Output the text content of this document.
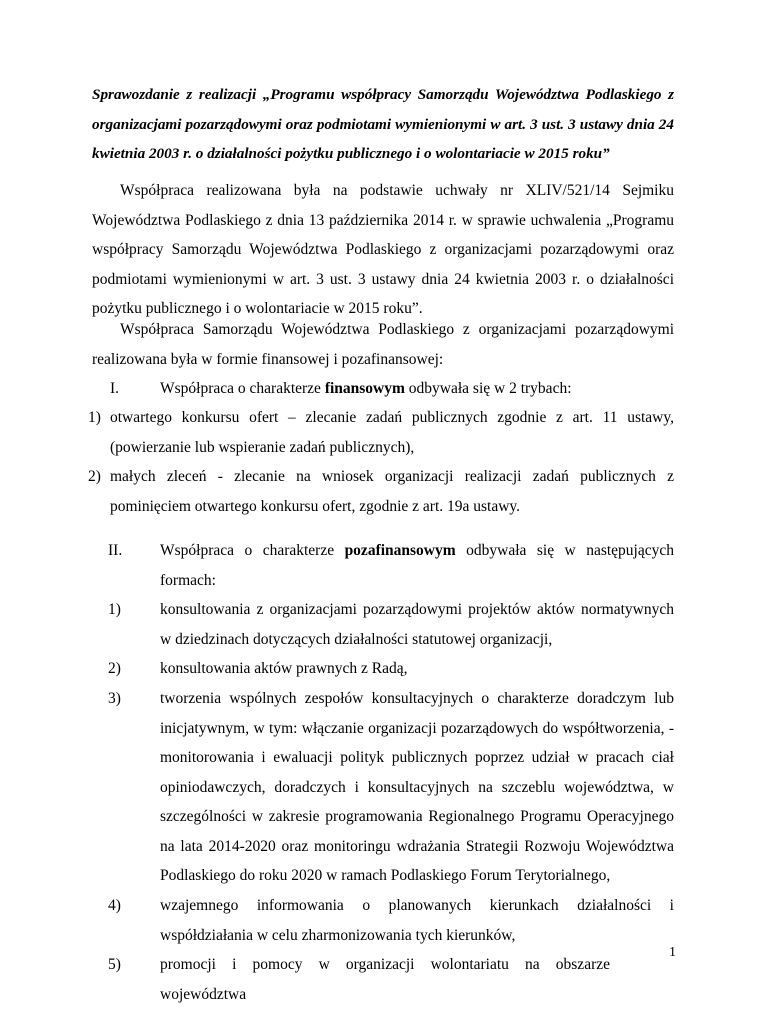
Sprawozdanie z realizacji „Programu współpracy Samorządu Województwa Podlaskiego z organizacjami pozarządowymi oraz podmiotami wymienionymi w art. 3 ust. 3 ustawy dnia 24 kwietnia 2003 r. o działalności pożytku publicznego i o wolontariacie w 2015 roku”

Współpraca realizowana była na podstawie uchwały nr XLIV/521/14 Sejmiku Województwa Podlaskiego z dnia 13 października 2014 r. w sprawie uchwalenia „Programu współpracy Samorządu Województwa Podlaskiego z organizacjami pozarządowymi oraz podmiotami wymienionymi w art. 3 ust. 3 ustawy dnia 24 kwietnia 2003 r. o działalności pożytku publicznego i o wolontariacie w 2015 roku”.

Współpraca Samorządu Województwa Podlaskiego z organizacjami pozarządowymi realizowana była w formie finansowej i pozafinansowej:

I.	Współpraca o charakterze finansowym odbywała się w 2 trybach:
1) otwartego konkursu ofert – zlecanie zadań publicznych zgodnie z art. 11 ustawy, (powierzanie lub wspieranie zadań publicznych),
2) małych zleceń - zlecanie na wniosek organizacji realizacji zadań publicznych z pominięciem otwartego konkursu ofert, zgodnie z art. 19a ustawy.
II. Współpraca o charakterze pozafinansowym odbywała się w następujących formach:
1)	konsultowania z organizacjami pozarządowymi projektów aktów normatywnych w dziedzinach dotyczących działalności statutowej organizacji,

2)	konsultowania aktów prawnych z Radą,

3)	tworzenia wspólnych zespołów konsultacyjnych o charakterze doradczym lub inicjatywnym, w tym: włączanie organizacji pozarządowych do współtworzenia, - monitorowania i ewaluacji polityk publicznych poprzez udział w pracach ciał opiniodawczych, doradczych i konsultacyjnych na szczeblu województwa, w szczególności w zakresie programowania Regionalnego Programu Operacyjnego na lata 2014-2020 oraz monitoringu wdrażania Strategii Rozwoju Województwa Podlaskiego do roku 2020 w ramach Podlaskiego Forum Terytorialnego,

4)	wzajemnego informowania o planowanych kierunkach działalności i współdziałania w celu zharmonizowania tych kierunków,

5)	promocji i pomocy w organizacji wolontariatu na obszarze województwa

1
